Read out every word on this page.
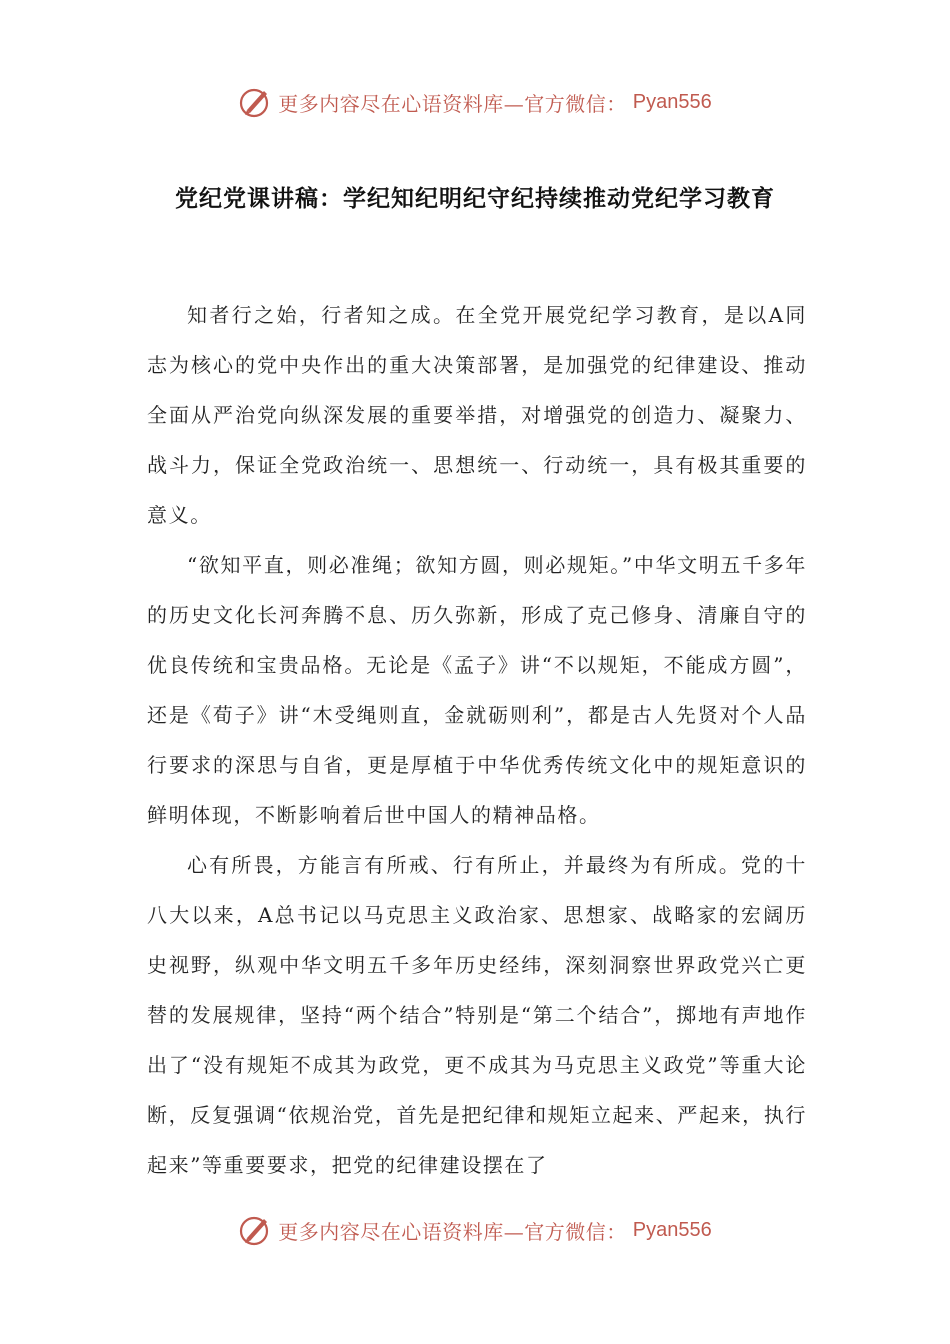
更多内容尽在心语资料库—官方微信： Pyan556
党纪党课讲稿：学纪知纪明纪守纪持续推动党纪学习教育

知者行之始，行者知之成。在全党开展党纪学习教育，是以A同志为核心的党中央作出的重大决策部署，是加强党的纪律建设、推动全面从严治党向纵深发展的重要举措，对增强党的创造力、凝聚力、战斗力，保证全党政治统一、思想统一、行动统一，具有极其重要的意义。

“欲知平直，则必准绳；欲知方圆，则必规矩。”中华文明五千多年的历史文化长河奔腾不息、历久弥新，形成了克己修身、清廉自守的优良传统和宝贵品格。无论是《孟子》讲“不以规矩，不能成方圆”，还是《荀子》讲“木受绳则直，金就砺则利”，都是古人先贤对个人品行要求的深思与自省，更是厚植于中华优秀传统文化中的规矩意识的鲜明体现，不断影响着后世中国人的精神品格。

心有所畏，方能言有所戒、行有所止，并最终为有所成。党的十八大以来，A总书记以马克思主义政治家、思想家、战略家的宏阔历史视野，纵观中华文明五千多年历史经纬，深刻洞察世界政党兴亡更替的发展规律，坚持“两个结合”特别是“第二个结合”，掷地有声地作出了“没有规矩不成其为政党，更不成其为马克思主义政党”等重大论断，反复强调“依规治党，首先是把纪律和规矩立起来、严起来，执行起来”等重要要求，把党的纪律建设摆在了

更多内容尽在心语资料库—官方微信： Pyan556
